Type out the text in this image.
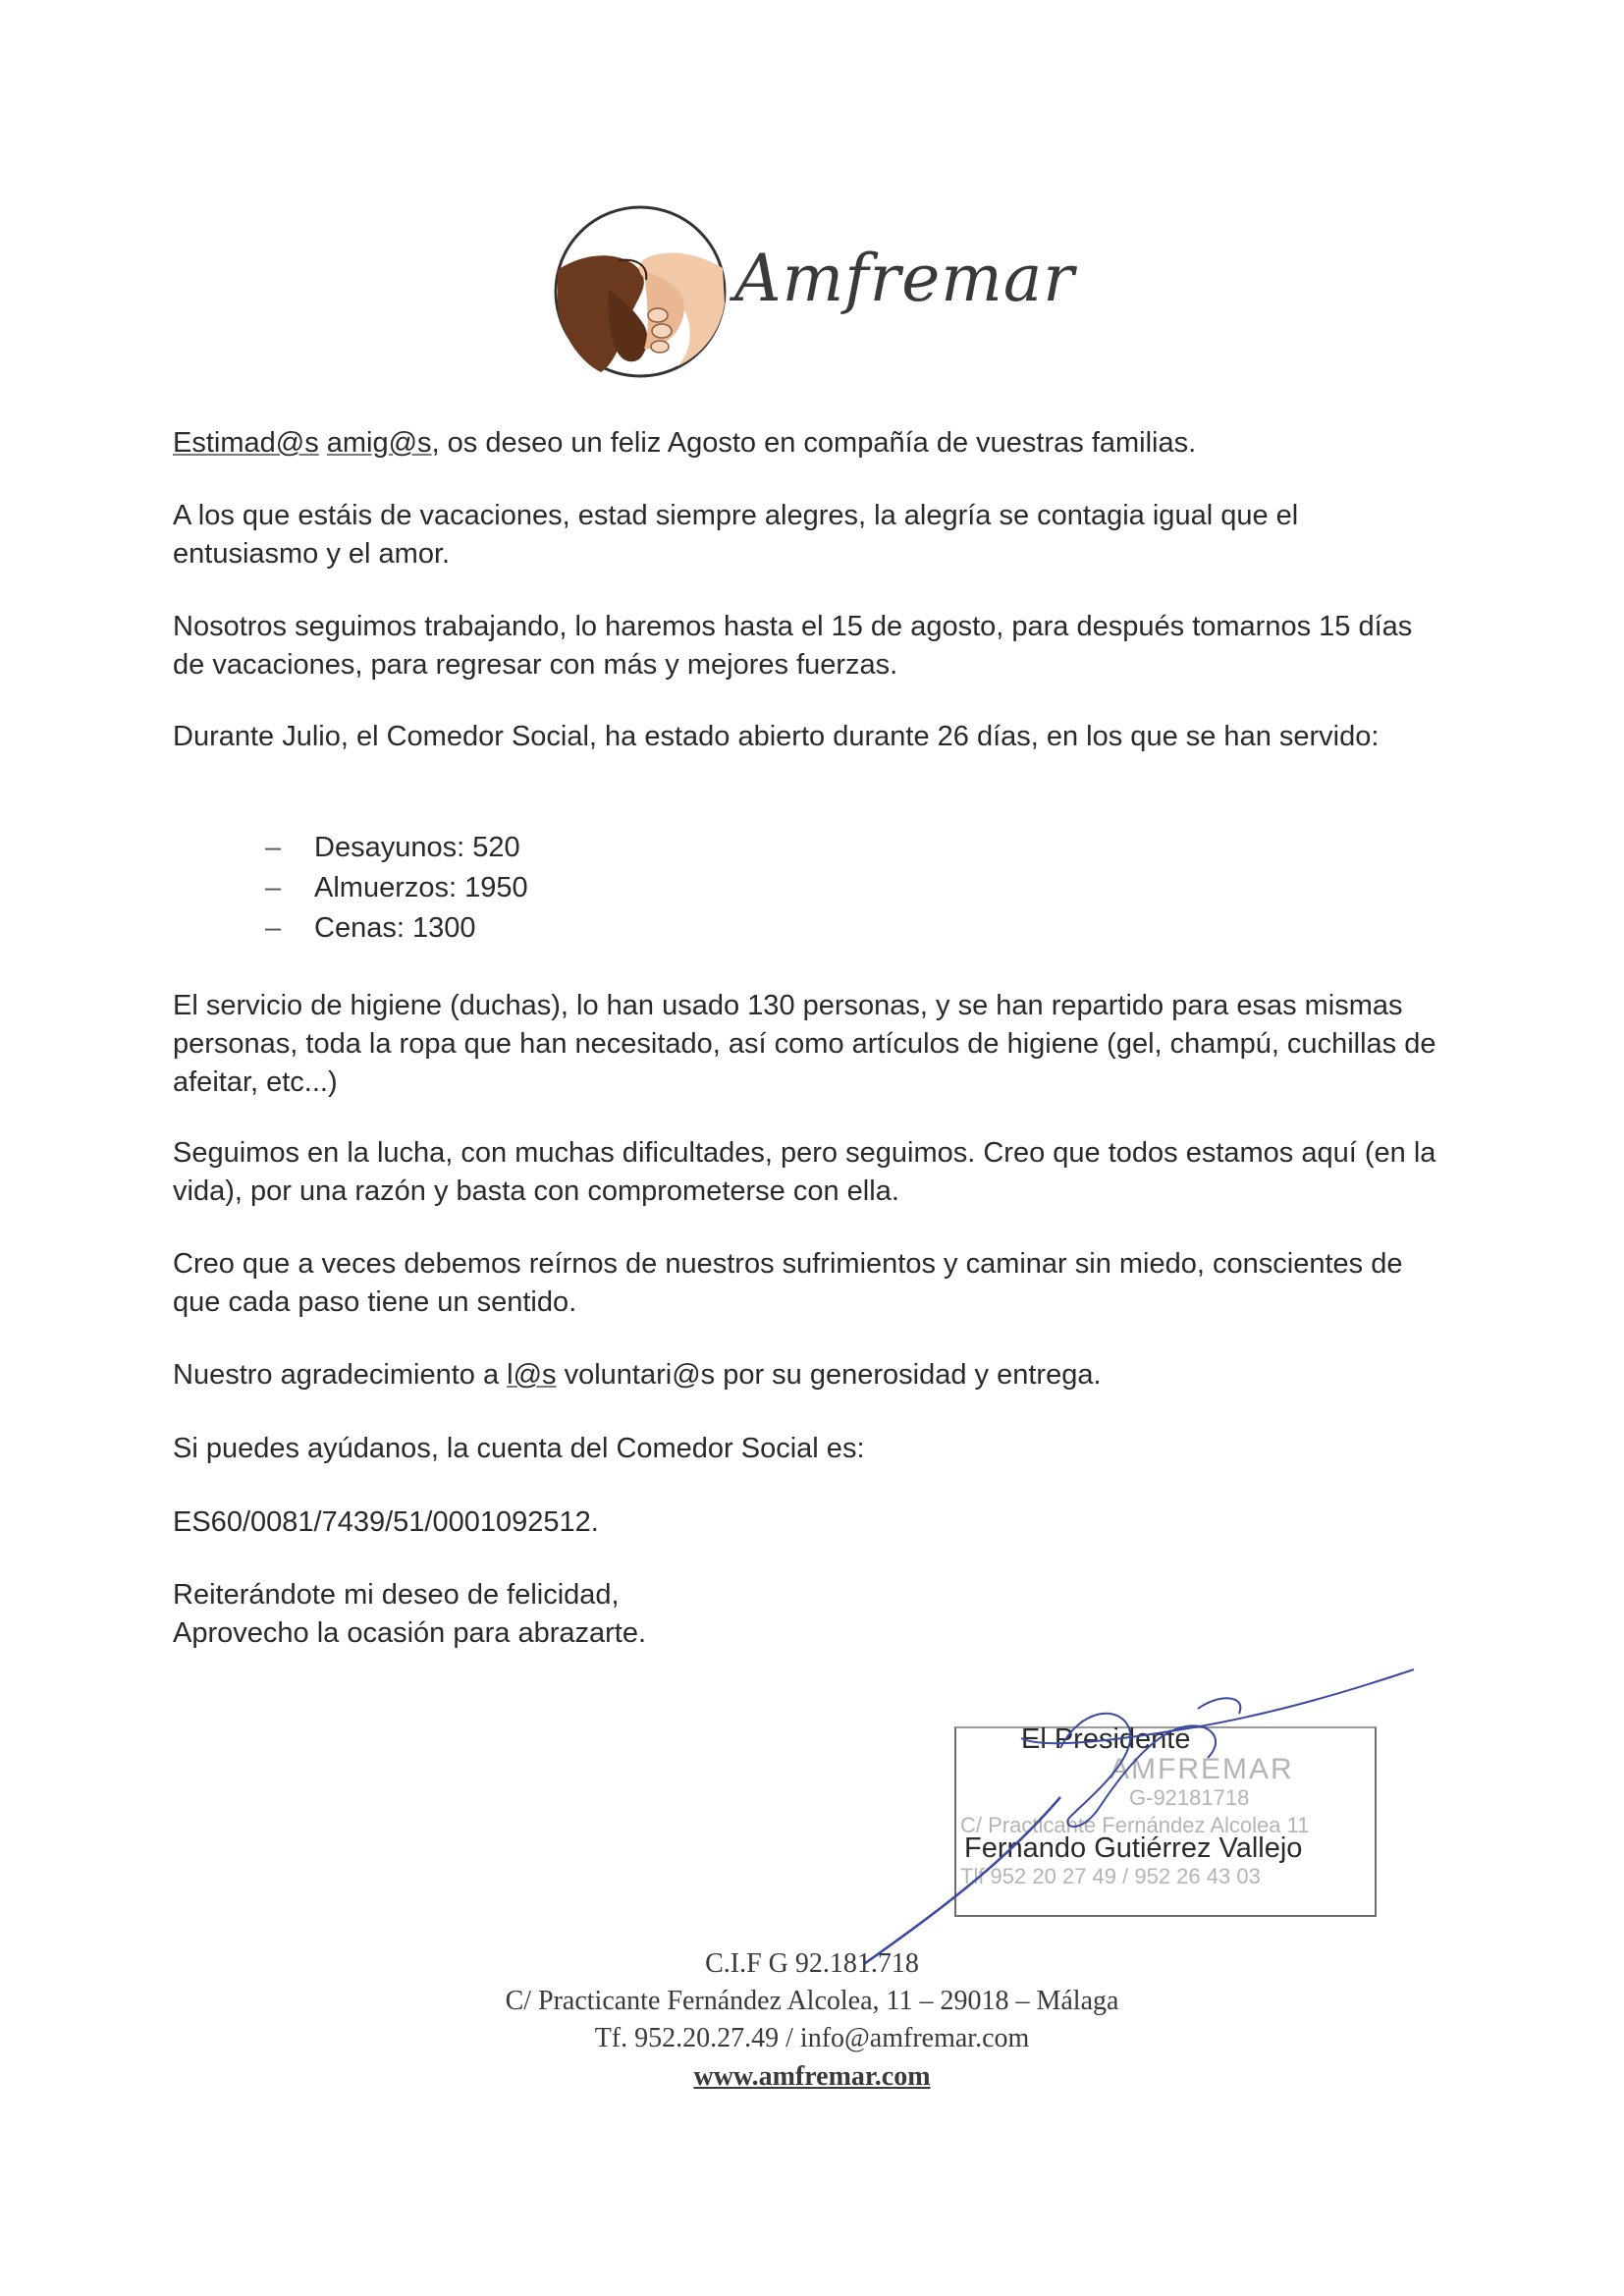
Amfremar
Estimad@s amig@s, os deseo un feliz Agosto en compañía de vuestras familias.
A los que estáis de vacaciones, estad siempre alegres, la alegría se contagia igual que el entusiasmo y el amor.
Nosotros seguimos trabajando, lo haremos hasta el 15 de agosto, para después tomarnos 15 días de vacaciones, para regresar con más y mejores fuerzas.
Durante Julio, el Comedor Social, ha estado abierto durante 26 días, en los que se han servido:
– Desayunos: 520
– Almuerzos: 1950
– Cenas: 1300
El servicio de higiene (duchas), lo han usado 130 personas, y se han repartido para esas mismas personas, toda la ropa que han necesitado, así como artículos de higiene (gel, champú, cuchillas de afeitar, etc...)
Seguimos en la lucha, con muchas dificultades, pero seguimos. Creo que todos estamos aquí (en la vida), por una razón y basta con comprometerse con ella.
Creo que a veces debemos reírnos de nuestros sufrimientos y caminar sin miedo, conscientes de que cada paso tiene un sentido.
Nuestro agradecimiento a l@s voluntari@s por su generosidad y entrega.
Si puedes ayúdanos, la cuenta del Comedor Social es:
ES60/0081/7439/51/0001092512.
Reiterándote mi deseo de felicidad,
Aprovecho la ocasión para abrazarte.
AMFREMAR
G-92181718
C/ Practicante Fernández Alcolea 11
Tlf 952 20 27 49 / 952 26 43 03
El Presidente
Fernando Gutiérrez Vallejo
C.I.F G 92.181.718
C/ Practicante Fernández Alcolea, 11 – 29018 – Málaga
Tf. 952.20.27.49 / info@amfremar.com
www.amfremar.com
